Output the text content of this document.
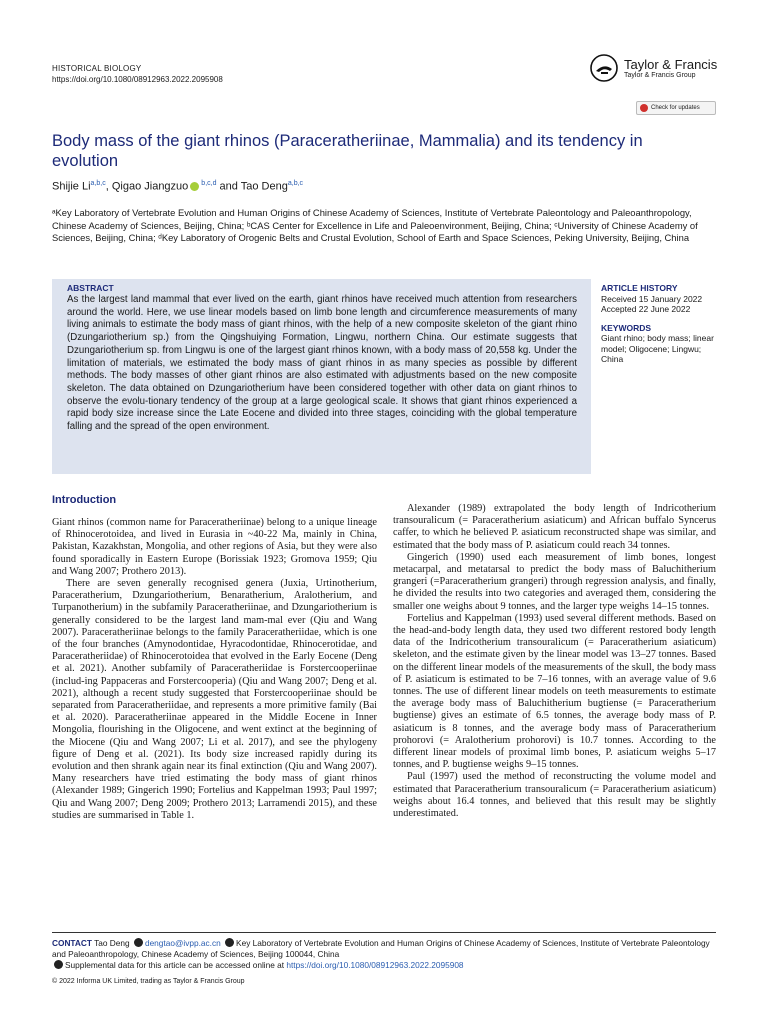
HISTORICAL BIOLOGY
https://doi.org/10.1080/08912963.2022.2095908
Taylor & Francis
Taylor & Francis Group
Check for updates
Body mass of the giant rhinos (Paraceratheriinae, Mammalia) and its tendency in evolution
Shijie Li$^{a,b,c}$, Qigao Jiangzuo $^{b,c,d}$ and Tao Deng$^{a,b,c}$
ᵃKey Laboratory of Vertebrate Evolution and Human Origins of Chinese Academy of Sciences, Institute of Vertebrate Paleontology and Paleoanthropology, Chinese Academy of Sciences, Beijing, China; ᵇCAS Center for Excellence in Life and Paleoenvironment, Beijing, China; ᶜUniversity of Chinese Academy of Sciences, Beijing, China; ᵈKey Laboratory of Orogenic Belts and Crustal Evolution, School of Earth and Space Sciences, Peking University, Beijing, China
ABSTRACT
As the largest land mammal that ever lived on the earth, giant rhinos have received much attention from researchers around the world. Here, we use linear models based on limb bone length and circumference measurements of many living animals to estimate the body mass of giant rhinos, with the help of a new composite skeleton of the giant rhino (Dzungariotherium sp.) from the Qingshuiying Formation, Lingwu, northern China. Our estimate suggests that Dzungariotherium sp. from Lingwu is one of the largest giant rhinos known, with a body mass of 20,558 kg. Under the limitation of materials, we estimated the body mass of giant rhinos in as many species as possible by different methods. The body masses of other giant rhinos are also estimated with adjustments based on the new composite skeleton. The data obtained on Dzungariotherium have been considered together with other data on giant rhinos to observe the evolu-tionary tendency of the group at a large geological scale. It shows that giant rhinos experienced a rapid body size increase since the Late Eocene and divided into three stages, coinciding with the global temperature falling and the spread of the open environment.
ARTICLE HISTORY
Received 15 January 2022
Accepted 22 June 2022
KEYWORDS
Giant rhino; body mass; linear model; Oligocene; Lingwu; China
Introduction

Giant rhinos (common name for Paraceratheriinae) belong to a unique lineage of Rhinocerotoidea, and lived in Eurasia in ~40-22 Ma, mainly in China, Pakistan, Kazakhstan, Mongolia, and other regions of Asia, but they were also found sporadically in Eastern Europe (Borissiak 1923; Gromova 1959; Qiu and Wang 2007; Prothero 2013).

There are seven generally recognised genera (Juxia, Urtinotherium, Paraceratherium, Dzungariotherium, Benaratherium, Aralotherium, and Turpanotherium) in the subfamily Paraceratheriinae, and Dzungariotherium is generally considered to be the largest land mam-mal ever (Qiu and Wang 2007). Paraceratheriinae belongs to the family Paraceratheriidae, which is one of the four branches (Amynodontidae, Hyracodontidae, Rhinocerotidae, and Paraceratheriidae) of Rhinocerotoidea that evolved in the Early Eocene (Deng et al. 2021). Another subfamily of Paraceratheriidae is Forstercooperiinae (includ-ing Pappaceras and Forstercooperia) (Qiu and Wang 2007; Deng et al. 2021), although a recent study suggested that Forstercooperiinae should be separated from Paraceratheriidae, and represents a more primitive family (Bai et al. 2020). Paraceratheriinae appeared in the Middle Eocene in Inner Mongolia, flourishing in the Oligocene, and went extinct at the beginning of the Miocene (Qiu and Wang 2007; Li et al. 2017), and see the phylogeny figure of Deng et al. (2021). Its body size increased rapidly during its evolution and then shrank again near its final extinction (Qiu and Wang 2007). Many researchers have tried estimating the body mass of giant rhinos (Alexander 1989; Gingerich 1990; Fortelius and Kappelman 1993; Paul 1997; Qiu and Wang 2007; Deng 2009; Prothero 2013; Larramendi 2015), and these studies are summarised in Table 1.

Alexander (1989) extrapolated the body length of Indricotherium transouralicum (= Paraceratherium asiaticum) and African buffalo Syncerus caffer, to which he believed P. asiaticum reconstructed shape was similar, and estimated that the body mass of P. asiaticum could reach 34 tonnes.

Gingerich (1990) used each measurement of limb bones, longest metacarpal, and metatarsal to predict the body mass of Baluchitherium grangeri (=Paraceratherium grangeri) through regression analysis, and finally, he divided the results into two categories and averaged them, considering the smaller one weighs about 9 tonnes, and the larger type weighs 14–15 tonnes.

Fortelius and Kappelman (1993) used several different methods. Based on the head-and-body length data, they used two different restored body length data of the Indricotherium transouralicum (= Paraceratherium asiaticum) skeleton, and the estimate given by the linear model was 13–27 tonnes. Based on the different linear models of the measurements of the skull, the body mass of P. asiaticum is estimated to be 7–16 tonnes, with an average value of 9.6 tonnes. The use of different linear models on teeth measurements to estimate the average body mass of Baluchitherium bugtiense (= Paraceratherium bugtiense) gives an estimate of 6.5 tonnes, the average body mass of P. asiaticum is 8 tonnes, and the average body mass of Paraceratherium prohorovi (= Aralotherium prohorovi) is 10.7 tonnes. According to the different linear models of proximal limb bones, P. asiaticum weighs 5–17 tonnes, and P. bugtiense weighs 9–15 tonnes.

Paul (1997) used the method of reconstructing the volume model and estimated that Paraceratherium transouralicum (= Paraceratherium asiaticum) weighs about 16.4 tonnes, and believed that this result may be slightly underestimated.

CONTACT Tao Deng dengtao@ivpp.ac.cn Key Laboratory of Vertebrate Evolution and Human Origins of Chinese Academy of Sciences, Institute of Vertebrate Paleontology and Paleoanthropology, Chinese Academy of Sciences, Beijing 100044, China
Supplemental data for this article can be accessed online at https://doi.org/10.1080/08912963.2022.2095908
© 2022 Informa UK Limited, trading as Taylor & Francis Group
